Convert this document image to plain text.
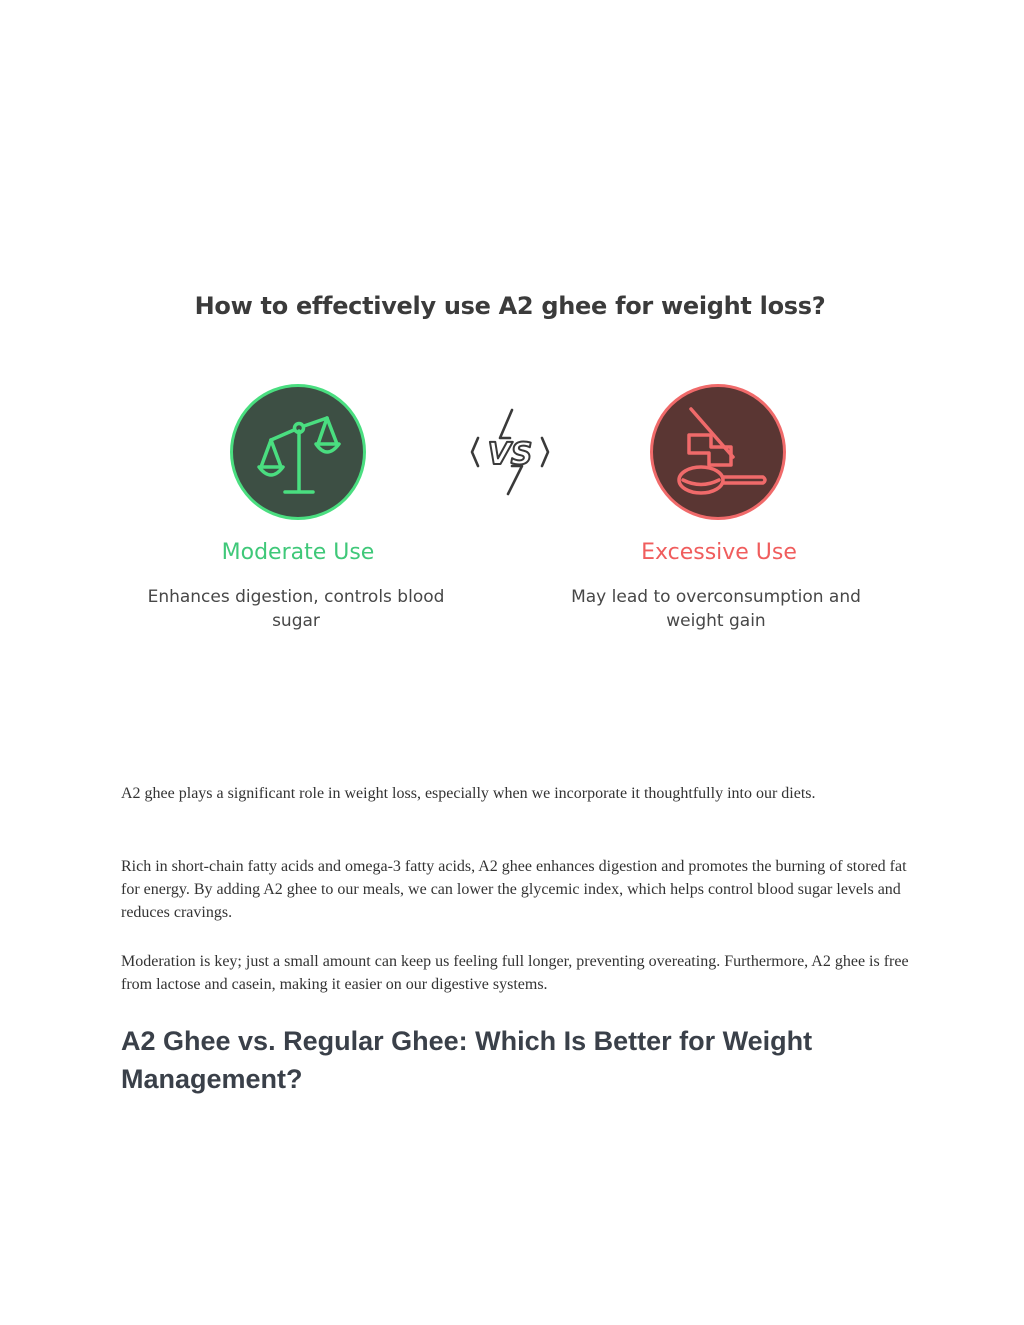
How to effectively use A2 ghee for weight loss?
VS
Moderate Use	Excessive Use
Enhances digestion, controls blood sugar
May lead to overconsumption and weight gain

A2 ghee plays a significant role in weight loss, especially when we incorporate it thoughtfully into our diets.

Rich in short-chain fatty acids and omega-3 fatty acids, A2 ghee enhances digestion and promotes the burning of stored fat for energy. By adding A2 ghee to our meals, we can lower the glycemic index, which helps control blood sugar levels and reduces cravings.

Moderation is key; just a small amount can keep us feeling full longer, preventing overeating. Furthermore, A2 ghee is free from lactose and casein, making it easier on our digestive systems.

A2 Ghee vs. Regular Ghee: Which Is Better for Weight Management?
